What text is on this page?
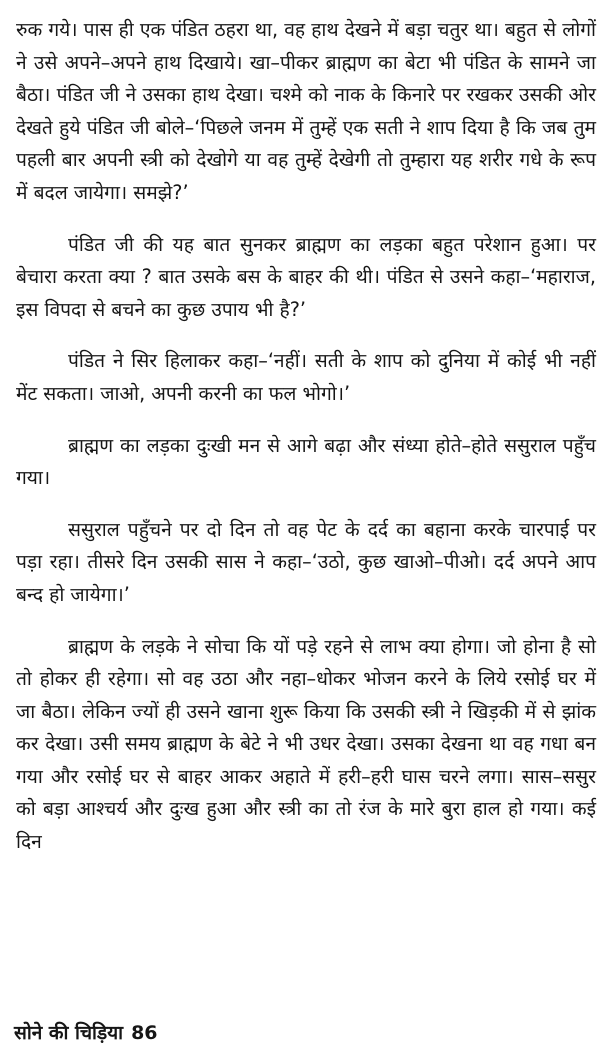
रुक गये। पास ही एक पंडित ठहरा था, वह हाथ देखने में बड़ा चतुर था। बहुत से लोगों ने उसे अपने–अपने हाथ दिखाये। खा–पीकर ब्राह्मण का बेटा भी पंडित के सामने जा बैठा। पंडित जी ने उसका हाथ देखा। चश्मे को नाक के किनारे पर रखकर उसकी ओर देखते हुये पंडित जी बोले–‘पिछले जनम में तुम्हें एक सती ने शाप दिया है कि जब तुम पहली बार अपनी स्त्री को देखोगे या वह तुम्हें देखेगी तो तुम्हारा यह शरीर गधे के रूप में बदल जायेगा। समझे?’

पंडित जी की यह बात सुनकर ब्राह्मण का लड़का बहुत परेशान हुआ। पर बेचारा करता क्या ? बात उसके बस के बाहर की थी। पंडित से उसने कहा–‘महाराज, इस विपदा से बचने का कुछ उपाय भी है?’

पंडित ने सिर हिलाकर कहा–‘नहीं। सती के शाप को दुनिया में कोई भी नहीं मेंट सकता। जाओ, अपनी करनी का फल भोगो।’

ब्राह्मण का लड़का दुःखी मन से आगे बढ़ा और संध्या होते–होते ससुराल पहुँच गया।

ससुराल पहुँचने पर दो दिन तो वह पेट के दर्द का बहाना करके चारपाई पर पड़ा रहा। तीसरे दिन उसकी सास ने कहा–‘उठो, कुछ खाओ–पीओ। दर्द अपने आप बन्द हो जायेगा।’

ब्राह्मण के लड़के ने सोचा कि यों पड़े रहने से लाभ क्या होगा। जो होना है सो तो होकर ही रहेगा। सो वह उठा और नहा–धोकर भोजन करने के लिये रसोई घर में जा बैठा। लेकिन ज्यों ही उसने खाना शुरू किया कि उसकी स्त्री ने खिड़की में से झांक कर देखा। उसी समय ब्राह्मण के बेटे ने भी उधर देखा। उसका देखना था वह गधा बन गया और रसोई घर से बाहर आकर अहाते में हरी–हरी घास चरने लगा। सास–ससुर को बड़ा आश्चर्य और दुःख हुआ और स्त्री का तो रंज के मारे बुरा हाल हो गया। कई दिन

सोने की चिड़िया 86
